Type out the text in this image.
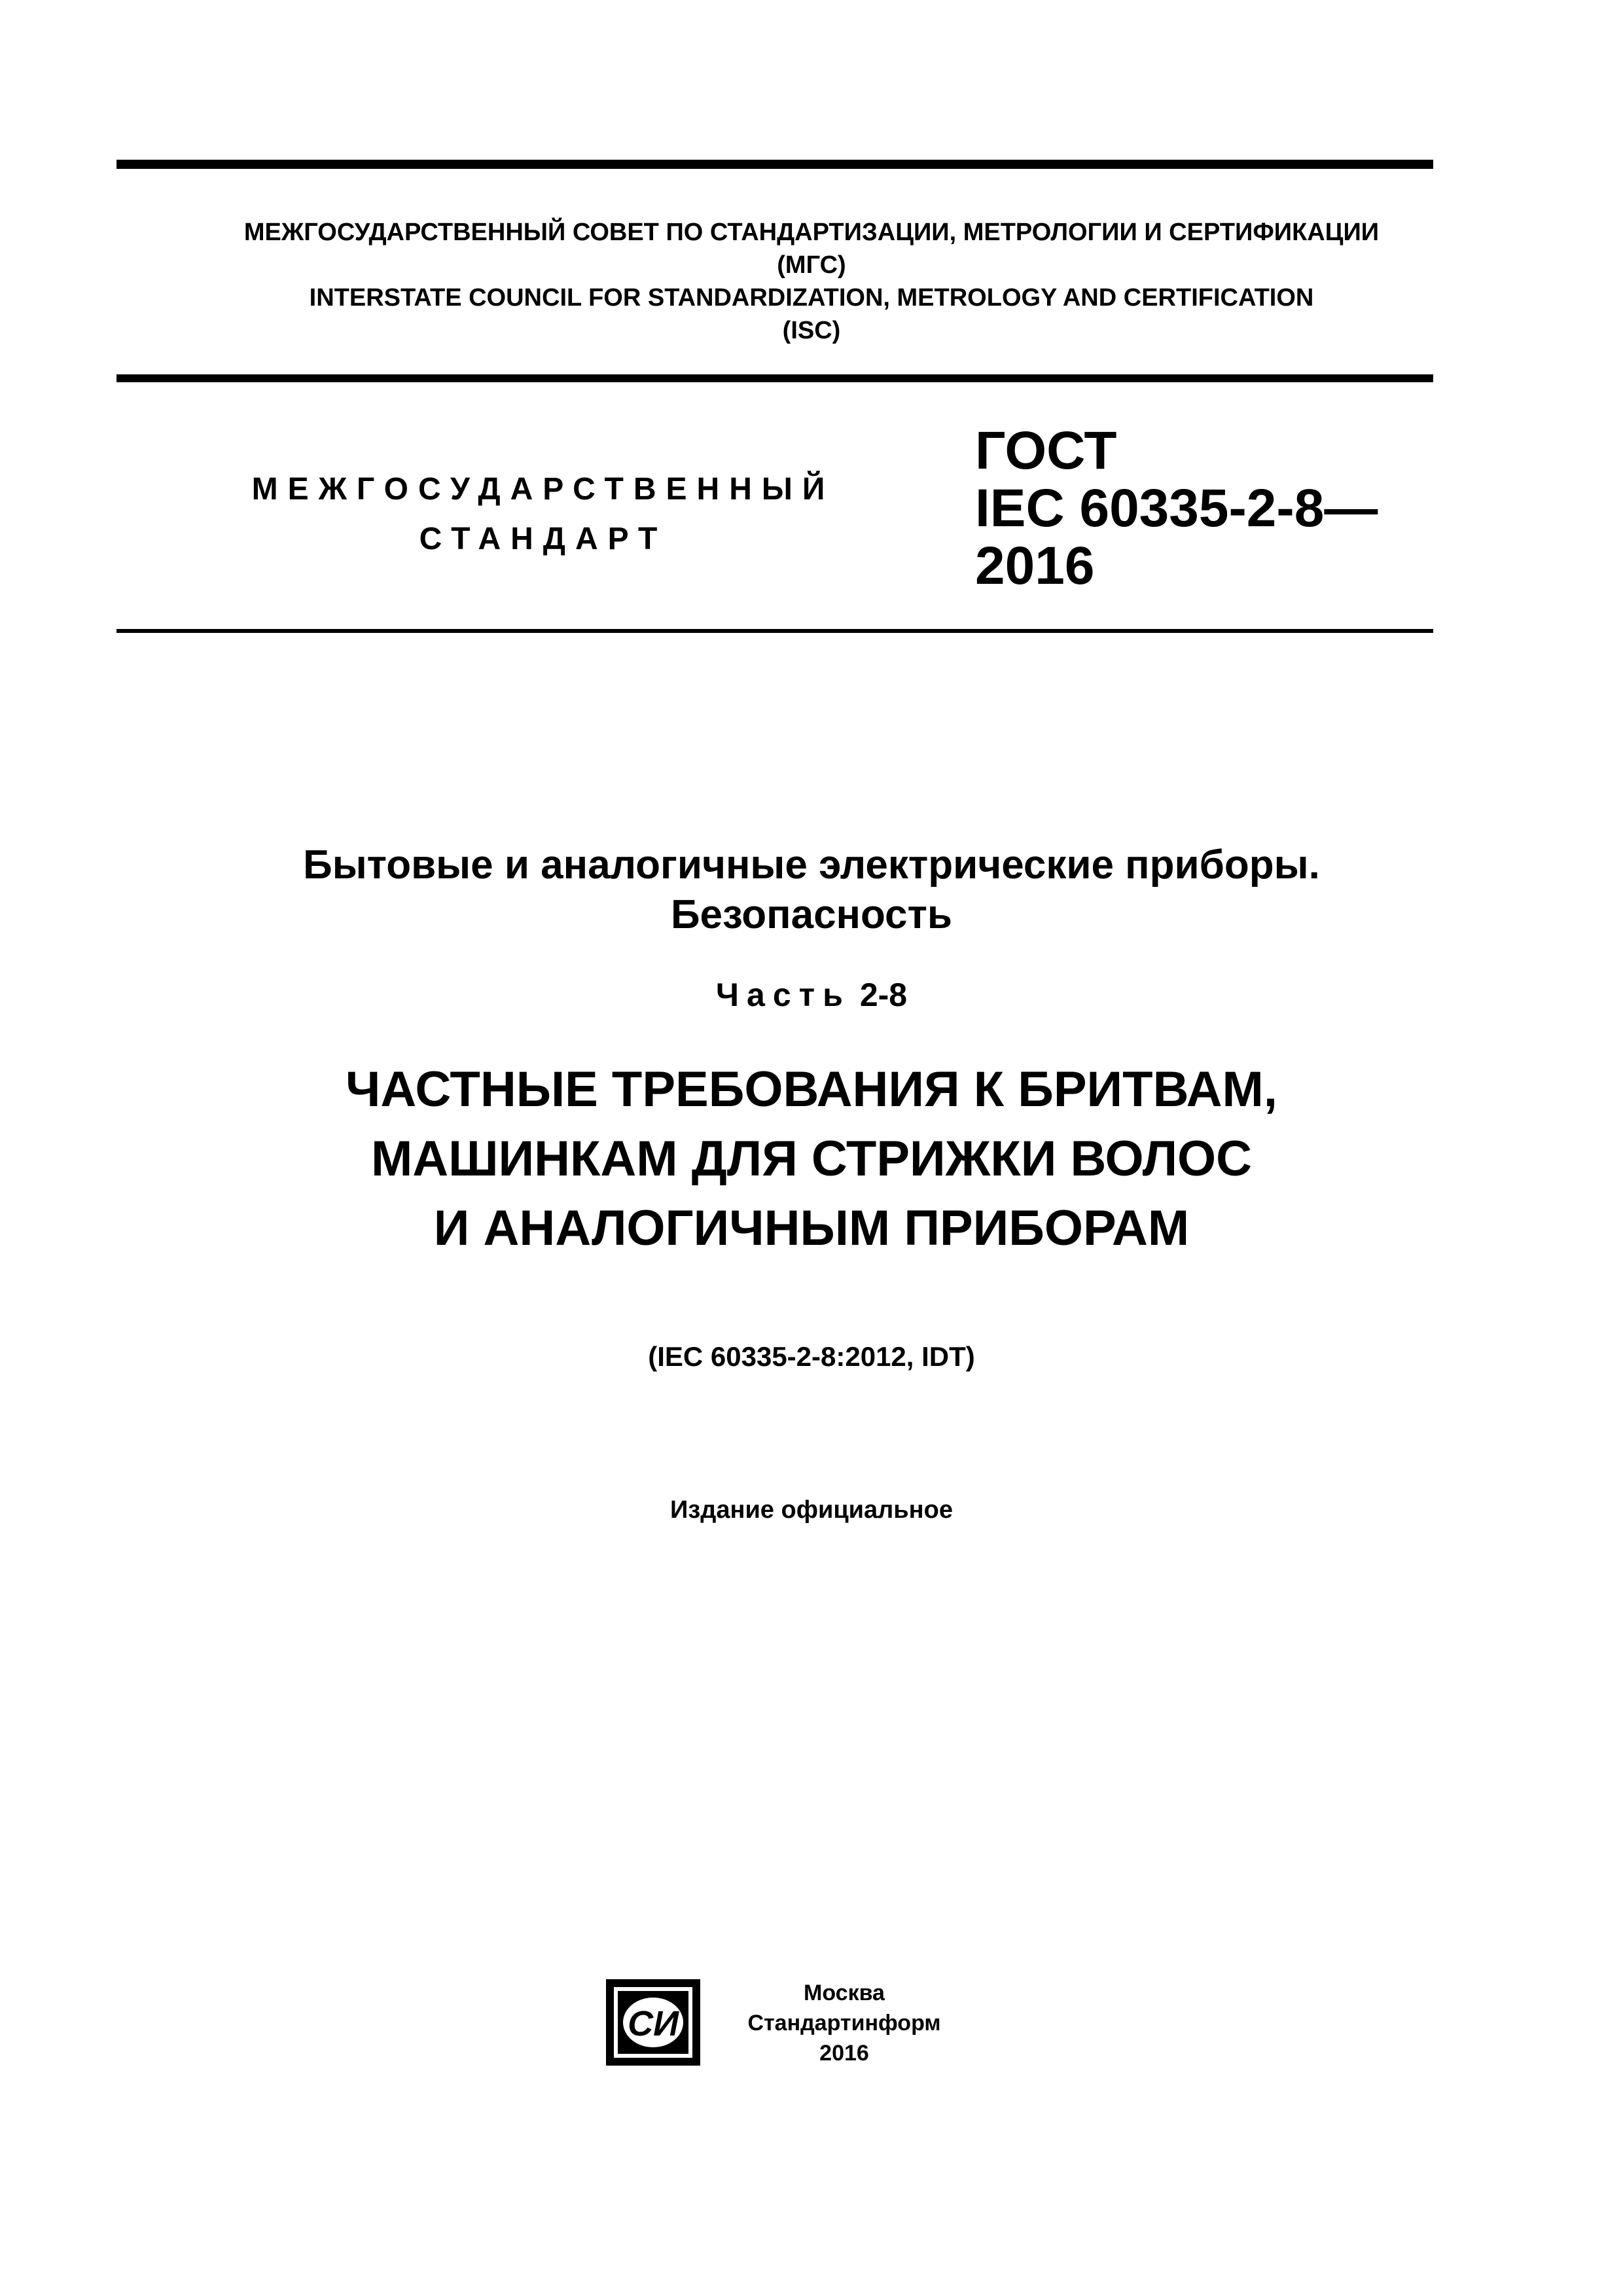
МЕЖГОСУДАРСТВЕННЫЙ СОВЕТ ПО СТАНДАРТИЗАЦИИ, МЕТРОЛОГИИ И СЕРТИФИКАЦИИ
(МГС)
INTERSTATE COUNCIL FOR STANDARDIZATION, METROLOGY AND CERTIFICATION
(ISC)
МЕЖГОСУДАРСТВЕННЫЙ
СТАНДАРТ
ГОСТ
IEC 60335-2-8—
2016
Бытовые и аналогичные электрические приборы.
Безопасность
Часть 2-8
ЧАСТНЫЕ ТРЕБОВАНИЯ К БРИТВАМ,
МАШИНКАМ ДЛЯ СТРИЖКИ ВОЛОС
И АНАЛОГИЧНЫМ ПРИБОРАМ
(IEC 60335-2-8:2012, IDT)
Издание официальное
СИ
Москва
Стандартинформ
2016
